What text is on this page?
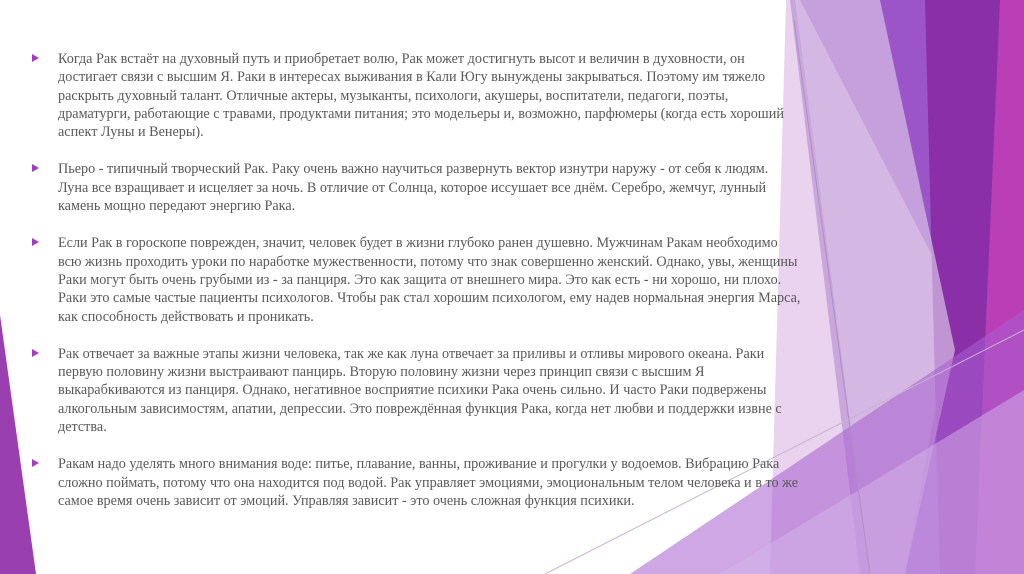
Когда Рак встаёт на духовный путь и приобретает волю, Рак может достигнуть высот и величин в духовности, он достигает связи с высшим Я. Раки в интересах выживания в Кали Югу вынуждены закрываться. Поэтому им тяжело раскрыть духовный талант. Отличные актеры, музыканты, психологи, акушеры, воспитатели, педагоги, поэты, драматурги, работающие с травами, продуктами питания; это модельеры и, возможно, парфюмеры (когда есть хороший аспект Луны и Венеры).
Пьеро - типичный творческий Рак. Раку очень важно научиться развернуть вектор изнутри наружу - от себя к людям. Луна все взращивает и исцеляет за ночь. В отличие от Солнца, которое иссушает все днём. Серебро, жемчуг, лунный камень мощно передают энергию Рака.
Если Рак в гороскопе поврежден, значит, человек будет в жизни глубоко ранен душевно. Мужчинам Ракам необходимо всю жизнь проходить уроки по наработке мужественности, потому что знак совершенно женский. Однако, увы, женщины Раки могут быть очень грубыми из - за панциря. Это как защита от внешнего мира. Это как есть - ни хорошо, ни плохо. Раки это самые частые пациенты психологов. Чтобы рак стал хорошим психологом, ему надев нормальная энергия Марса, как способность действовать и проникать.
Рак отвечает за важные этапы жизни человека, так же как луна отвечает за приливы и отливы мирового океана. Раки первую половину жизни выстраивают панцирь. Вторую половину жизни через принцип связи с высшим Я выкарабкиваются из панциря. Однако, негативное восприятие психики Рака очень сильно. И часто Раки подвержены алкогольным зависимостям, апатии, депрессии. Это повреждённая функция Рака, когда нет любви и поддержки извне с детства.
Ракам надо уделять много внимания воде: питье, плавание, ванны, проживание и прогулки у водоемов. Вибрацию Рака сложно поймать, потому что она находится под водой. Рак управляет эмоциями, эмоциональным телом человека и в то же самое время очень зависит от эмоций. Управляя зависит - это очень сложная функция психики.
